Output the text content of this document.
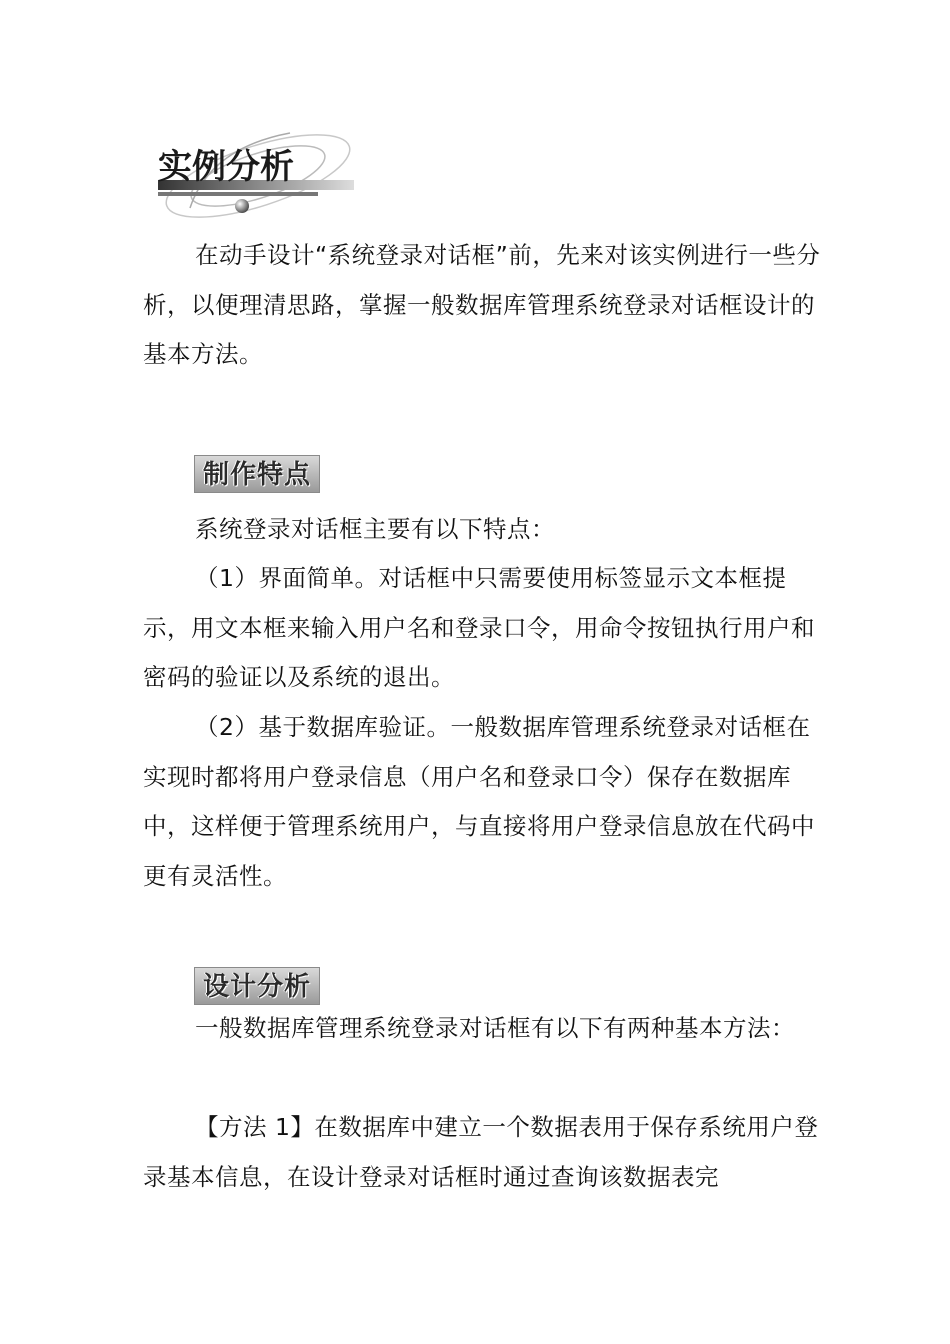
实例分析

在动手设计“系统登录对话框”前，先来对该实例进行一些分析，以便理清思路，掌握一般数据库管理系统登录对话框设计的基本方法。

制作特点

系统登录对话框主要有以下特点：

（1）界面简单。对话框中只需要使用标签显示文本框提示，用文本框来输入用户名和登录口令，用命令按钮执行用户和密码的验证以及系统的退出。

（2）基于数据库验证。一般数据库管理系统登录对话框在实现时都将用户登录信息（用户名和登录口令）保存在数据库中，这样便于管理系统用户，与直接将用户登录信息放在代码中更有灵活性。

设计分析

一般数据库管理系统登录对话框有以下有两种基本方法：

【方法 1】在数据库中建立一个数据表用于保存系统用户登录基本信息，在设计登录对话框时通过查询该数据表完
